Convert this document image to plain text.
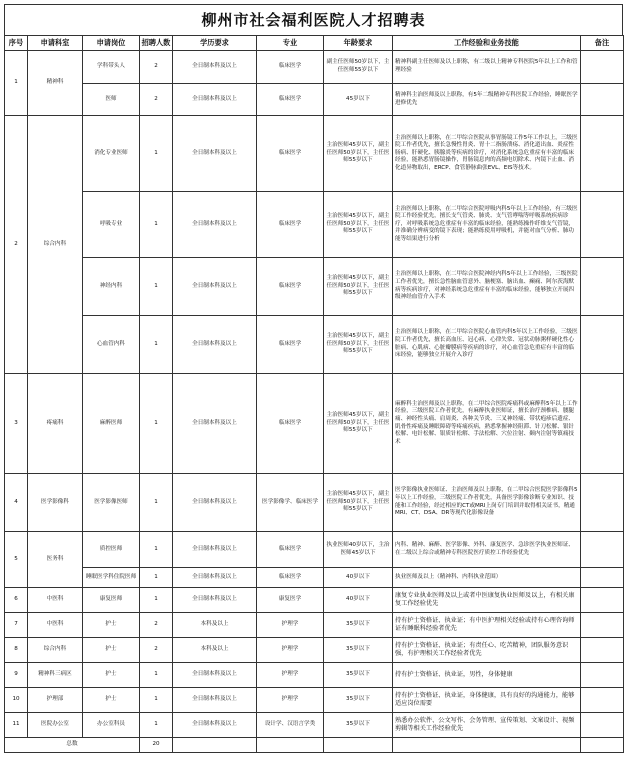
柳州市社会福利医院人才招聘表
序号	申请科室	申请岗位	招聘人数	学历要求	专业	年龄要求	工作经验和业务技能	备注
1	精神科	学科带头人	2	全日制本科及以上	临床医学	副主任医师50岁以下，主任医师55岁以下	精神科副主任医师及以上职称，有二级以上精神专科医院5年以上工作和管理经验	
		医师	2	全日制本科及以上	临床医学	45岁以下	精神科主治医师及以上职称，有5年二级精神专科医院工作经验，睡眠医学进修优先	
2	综合内科	消化专业医师	1	全日制本科及以上	临床医学	主治医师45岁以下，副主任医师50岁以下，主任医师55岁以下	主治医师以上职称，在二甲综合医院从事胃肠镜工作5年工作以上，三级医院工作者优先，擅长急慢性胃炎、胃十二指肠溃疡、消化道出血、炎症性肠病、肝硬化、胰腺炎等疾病的诊疗，对消化系统急危重症有丰富的临床经验，能熟悉胃肠镜操作，胃肠镜息肉的高频电切除术、内镜下止血、消化道异物取出，ERCP、食管静脉曲张EVL、EIS等技术。	
		呼吸专业	1	全日制本科及以上	临床医学	主治医师45岁以下，副主任医师50岁以下，主任医师55岁以下	主治医师以上职称，在二甲综合医院呼吸内科5年以上工作经验，有三级医院工作经验优先，擅长支气管炎、肺炎、支气管哮喘等呼吸系统疾病诊疗，对呼吸系统急危重症有丰富的临床经验，能熟练操作纤维支气管镜，并准确分辨病变的镜下表现；能熟练使用呼吸机，并能对血气分析、肺功能等结果进行分析	
		神经内科	1	全日制本科及以上	临床医学	主治医师45岁以下，副主任医师50岁以下，主任医师55岁以下	主治医师以上职称，在二甲综合医院神经内科5年以上工作经验，三级医院工作者优先，擅长急性脑血管意外、脑梗塞、脑出血、癫痫、阿尔茨海默病等疾病诊疗，对神经系统急危重症有丰富的临床经验，能够独立开展四级神经血管介入手术	
		心血管内科	1	全日制本科及以上	临床医学	主治医师45岁以下，副主任医师50岁以下，主任医师55岁以下	主治医师以上职称，在二甲综合医院心血管内科5年以上工作经验，三级医院工作者优先，擅长高血压、冠心病、心律失常、冠状动脉粥样硬化性心脏病、心肌病、心脏瓣膜病等疾病的诊疗，对心血管急危重症有丰富的临床经验，能够独立开展介入诊疗	
3	疼痛科	麻醉医师	1	全日制本科及以上	临床医学	主治医师45岁以下，副主任医师50岁以下，主任医师55岁以下	麻醉科主治医师及以上职称，在二甲综合医院疼痛科或麻醉科5年以上工作经验，三级医院工作者优先，有麻醉执业医师证，擅长治疗颈椎病、腰腿痛、神经性头痛、肩周炎、各种关节炎、三叉神经痛、带状疱疹后遗症、肌骨性疼痛及睡眠障碍等疼痛疾病，熟悉掌握神经阻滞、针刀松解、银针松解、电针松解、银质针松解、手法松解、穴位注射、颞内注射等镇痛技术	
4	医学影像科	医学影像医师	1	全日制本科及以上	医学影像学、临床医学	主治医师45岁以下，副主任医师50岁以下，主任医师55岁以下	医学影像执业医师证、主治医师及以上职称，在二甲综合医院医学影像科5年以上工作经验，三级医院工作者优先，具备医学影像诊断专业知识、技能和工作经验，经过相应的CT或MRI上岗专门培训并取得相关证书，精通MRI、CT、DSA、DR等现代化影像设备	
5	医务科	质控医师	1	全日制本科及以上	临床医学	执业医师40岁以下，主治医师45岁以下	内科、精神、麻醉、医学影像、外科、康复医学、急诊医学执业医师证、在二级以上综合或精神专科医院医疗质控工作经验优先	
		睡眠医学科住院医师	1	全日制本科及以上	临床医学	40岁以下	执业医师及以上（精神科、内科执业范围）	
6	中医科	康复医师	1	全日制本科及以上	康复医学	40岁以下	康复专业执业医师及以上或者中医康复执业医师及以上，有相关康复工作经验优先	
7	中医科	护士	2	本科及以上	护理学	35岁以下	持有护士资格证、执业证；有中医护理相关经验或持有心理咨询师证有睡眠科经验者优先	
8	综合内科	护士	2	本科及以上	护理学	35岁以下	持有护士资格证、执业证；有责任心、吃苦精神，团队服务意识强，有护理相关工作经验者优先	
9	精神科三病区	护士	1	全日制本科及以上	护理学	35岁以下	持有护士资格证、执业证，男性，身体健康	
10	护理部	护士	1	全日制本科及以上	护理学	35岁以下	持有护士资格证、执业证，身体健康，具有良好的沟通能力，能够适应岗位需要	
11	医院办公室	办公室科员	1	全日制本科及以上	设计学、汉语言学类	35岁以下	熟悉办公软件、公文写作、会务管理、宣传策划、文案设计、视频剪辑等相关工作经验优先	
总数			20					
